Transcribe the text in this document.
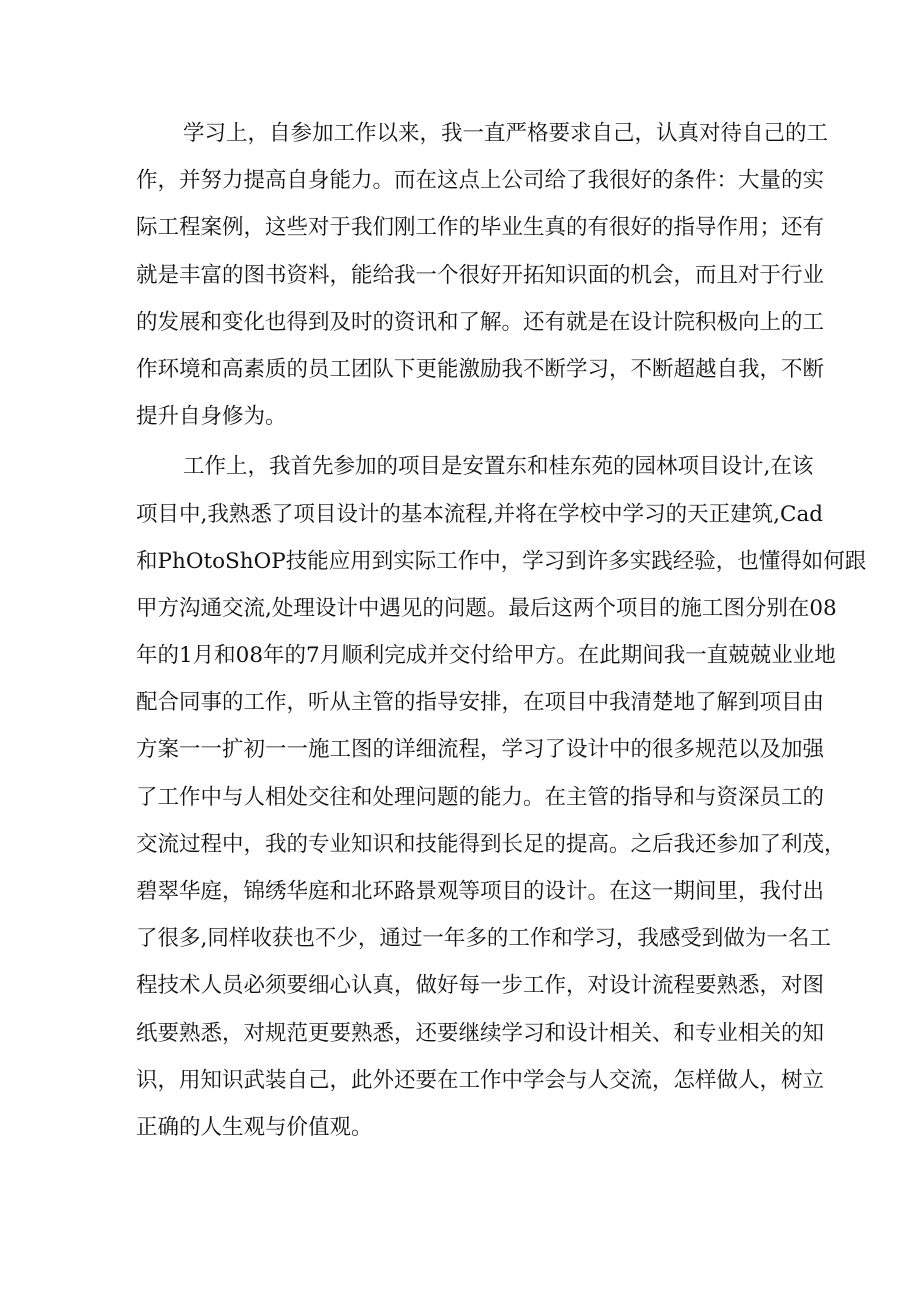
学习上，自参加工作以来，我一直严格要求自己，认真对待自己的工
作，并努力提高自身能力。而在这点上公司给了我很好的条件：大量的实
际工程案例，这些对于我们刚工作的毕业生真的有很好的指导作用；还有
就是丰富的图书资料，能给我一个很好开拓知识面的机会，而且对于行业
的发展和变化也得到及时的资讯和了解。还有就是在设计院积极向上的工
作环境和高素质的员工团队下更能激励我不断学习，不断超越自我，不断
提升自身修为。
工作上，我首先参加的项目是安置东和桂东苑的园林项目设计,在该
项目中,我熟悉了项目设计的基本流程,并将在学校中学习的天正建筑,Cad
和PhOtoShOP技能应用到实际工作中，学习到许多实践经验，也懂得如何跟
甲方沟通交流,处理设计中遇见的问题。最后这两个项目的施工图分别在08
年的1月和08年的7月顺利完成并交付给甲方。在此期间我一直兢兢业业地
配合同事的工作，听从主管的指导安排，在项目中我清楚地了解到项目由
方案一一扩初一一施工图的详细流程，学习了设计中的很多规范以及加强
了工作中与人相处交往和处理问题的能力。在主管的指导和与资深员工的
交流过程中，我的专业知识和技能得到长足的提高。之后我还参加了利茂，
碧翠华庭，锦绣华庭和北环路景观等项目的设计。在这一期间里，我付出
了很多,同样收获也不少，通过一年多的工作和学习，我感受到做为一名工
程技术人员必须要细心认真，做好每一步工作，对设计流程要熟悉，对图
纸要熟悉，对规范更要熟悉，还要继续学习和设计相关、和专业相关的知
识，用知识武装自己，此外还要在工作中学会与人交流，怎样做人，树立
正确的人生观与价值观。
